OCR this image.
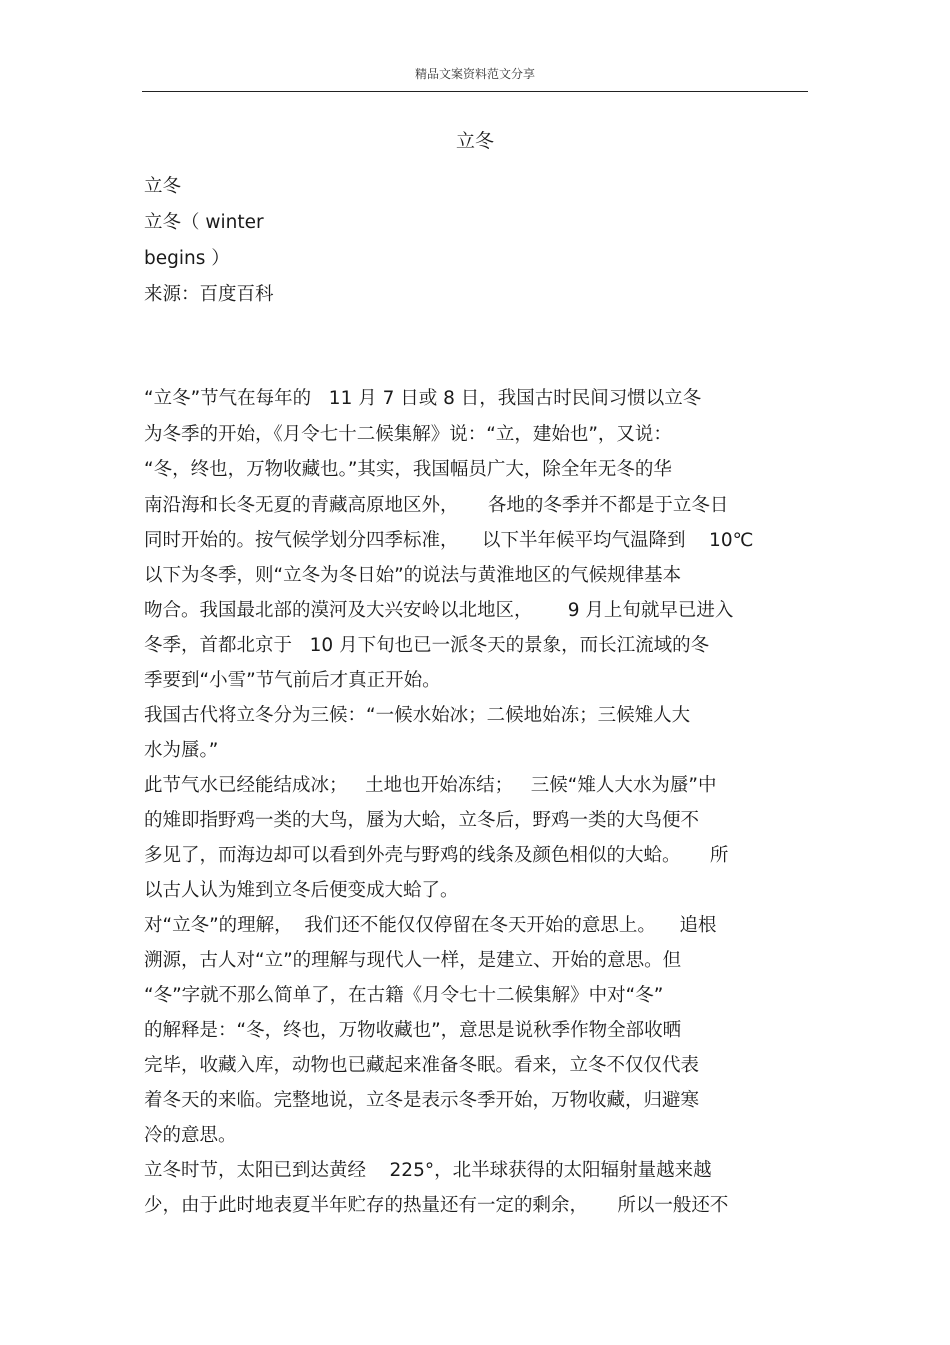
精品文案资料范文分享
立冬
立冬
立冬（ winter
begins ）
来源：百度百科
“立冬”节气在每年的   11 月 7 日或 8 日，我国古时民间习惯以立冬
为冬季的开始，《月令七十二候集解》说：“立，建始也”，又说：
“冬，终也，万物收藏也。”其实，我国幅员广大，除全年无冬的华
南沿海和长冬无夏的青藏高原地区外，     各地的冬季并不都是于立冬日
同时开始的。按气候学划分四季标准，    以下半年候平均气温降到    10℃
以下为冬季，则“立冬为冬日始”的说法与黄淮地区的气候规律基本
吻合。我国最北部的漠河及大兴安岭以北地区，      9 月上旬就早已进入
冬季，首都北京于   10 月下旬也已一派冬天的景象，而长江流域的冬
季要到“小雪”节气前后才真正开始。
我国古代将立冬分为三候：“一候水始冰；二候地始冻；三候雉人大
水为蜃。”
此节气水已经能结成冰；   土地也开始冻结；   三候“雉人大水为蜃”中
的雉即指野鸡一类的大鸟，蜃为大蛤，立冬后，野鸡一类的大鸟便不
多见了，而海边却可以看到外壳与野鸡的线条及颜色相似的大蛤。     所
以古人认为雉到立冬后便变成大蛤了。
对“立冬”的理解，  我们还不能仅仅停留在冬天开始的意思上。    追根
溯源，古人对“立”的理解与现代人一样，是建立、开始的意思。但
“冬”字就不那么简单了，在古籍《月令七十二候集解》中对“冬”
的解释是：“冬，终也，万物收藏也”，意思是说秋季作物全部收晒
完毕，收藏入库，动物也已藏起来准备冬眠。看来，立冬不仅仅代表
着冬天的来临。完整地说，立冬是表示冬季开始，万物收藏，归避寒
冷的意思。
立冬时节，太阳已到达黄经    225°，北半球获得的太阳辐射量越来越
少，由于此时地表夏半年贮存的热量还有一定的剩余，     所以一般还不
